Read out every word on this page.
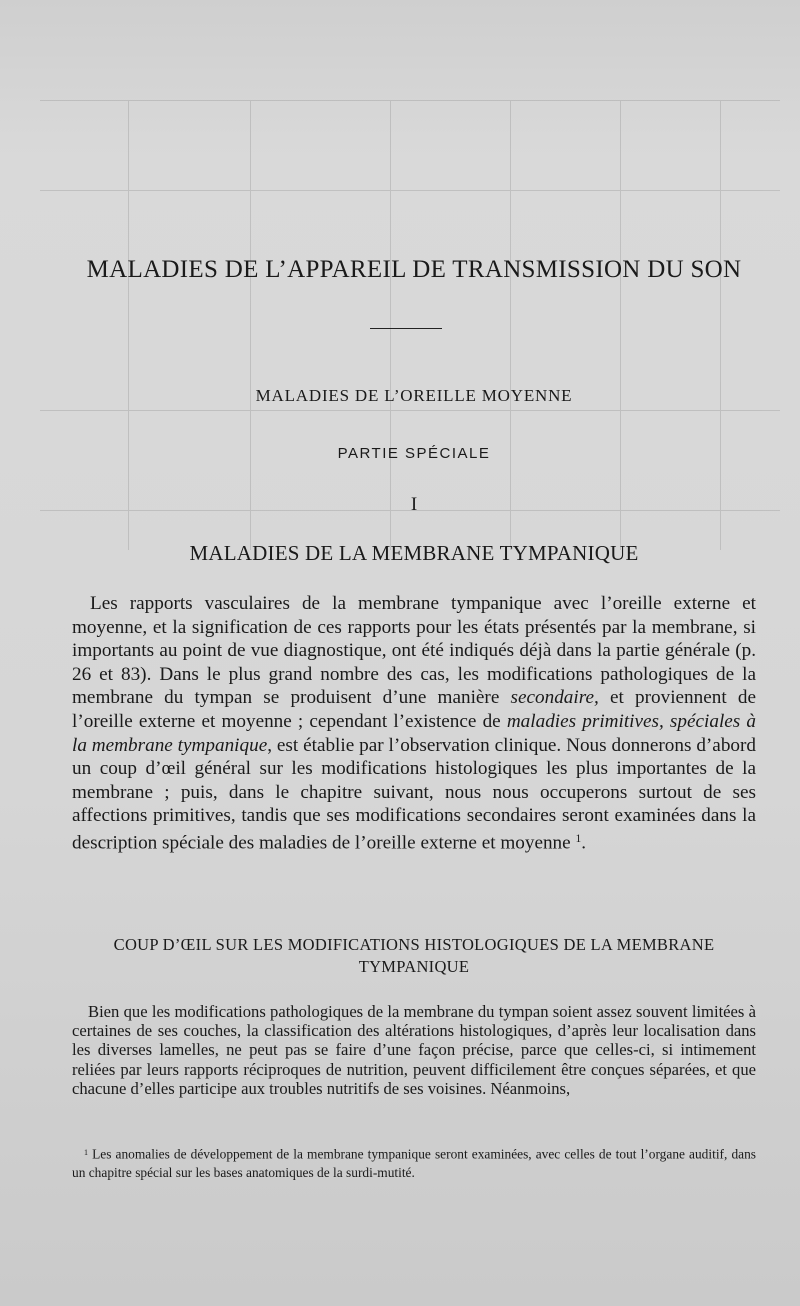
MALADIES DE L’APPAREIL DE TRANSMISSION DU SON
MALADIES DE L’OREILLE MOYENNE
PARTIE SPÉCIALE
I
MALADIES DE LA MEMBRANE TYMPANIQUE

Les rapports vasculaires de la membrane tympanique avec l’oreille externe et moyenne, et la signification de ces rapports pour les états présentés par la membrane, si importants au point de vue diagnostique, ont été indiqués déjà dans la partie générale (p. 26 et 83). Dans le plus grand nombre des cas, les modifications pathologiques de la membrane du tympan se produisent d’une manière secondaire, et proviennent de l’oreille externe et moyenne ; cependant l’existence de maladies primitives, spéciales à la membrane tympanique, est établie par l’observation clinique. Nous donnerons d’abord un coup d’œil général sur les modifications histologiques les plus importantes de la membrane ; puis, dans le chapitre suivant, nous nous occuperons surtout de ses affections primitives, tandis que ses modifications secondaires seront examinées dans la description spéciale des maladies de l’oreille externe et moyenne $^1$.

COUP D’ŒIL SUR LES MODIFICATIONS HISTOLOGIQUES DE LA MEMBRANE TYMPANIQUE

Bien que les modifications pathologiques de la membrane du tympan soient assez souvent limitées à certaines de ses couches, la classification des altérations histologiques, d’après leur localisation dans les diverses lamelles, ne peut pas se faire d’une façon précise, parce que celles-ci, si intimement reliées par leurs rapports réciproques de nutrition, peuvent difficilement être conçues séparées, et que chacune d’elles participe aux troubles nutritifs de ses voisines. Néanmoins,

$^1$ Les anomalies de développement de la membrane tympanique seront examinées, avec celles de tout l’organe auditif, dans un chapitre spécial sur les bases anatomiques de la surdi-mutité.
